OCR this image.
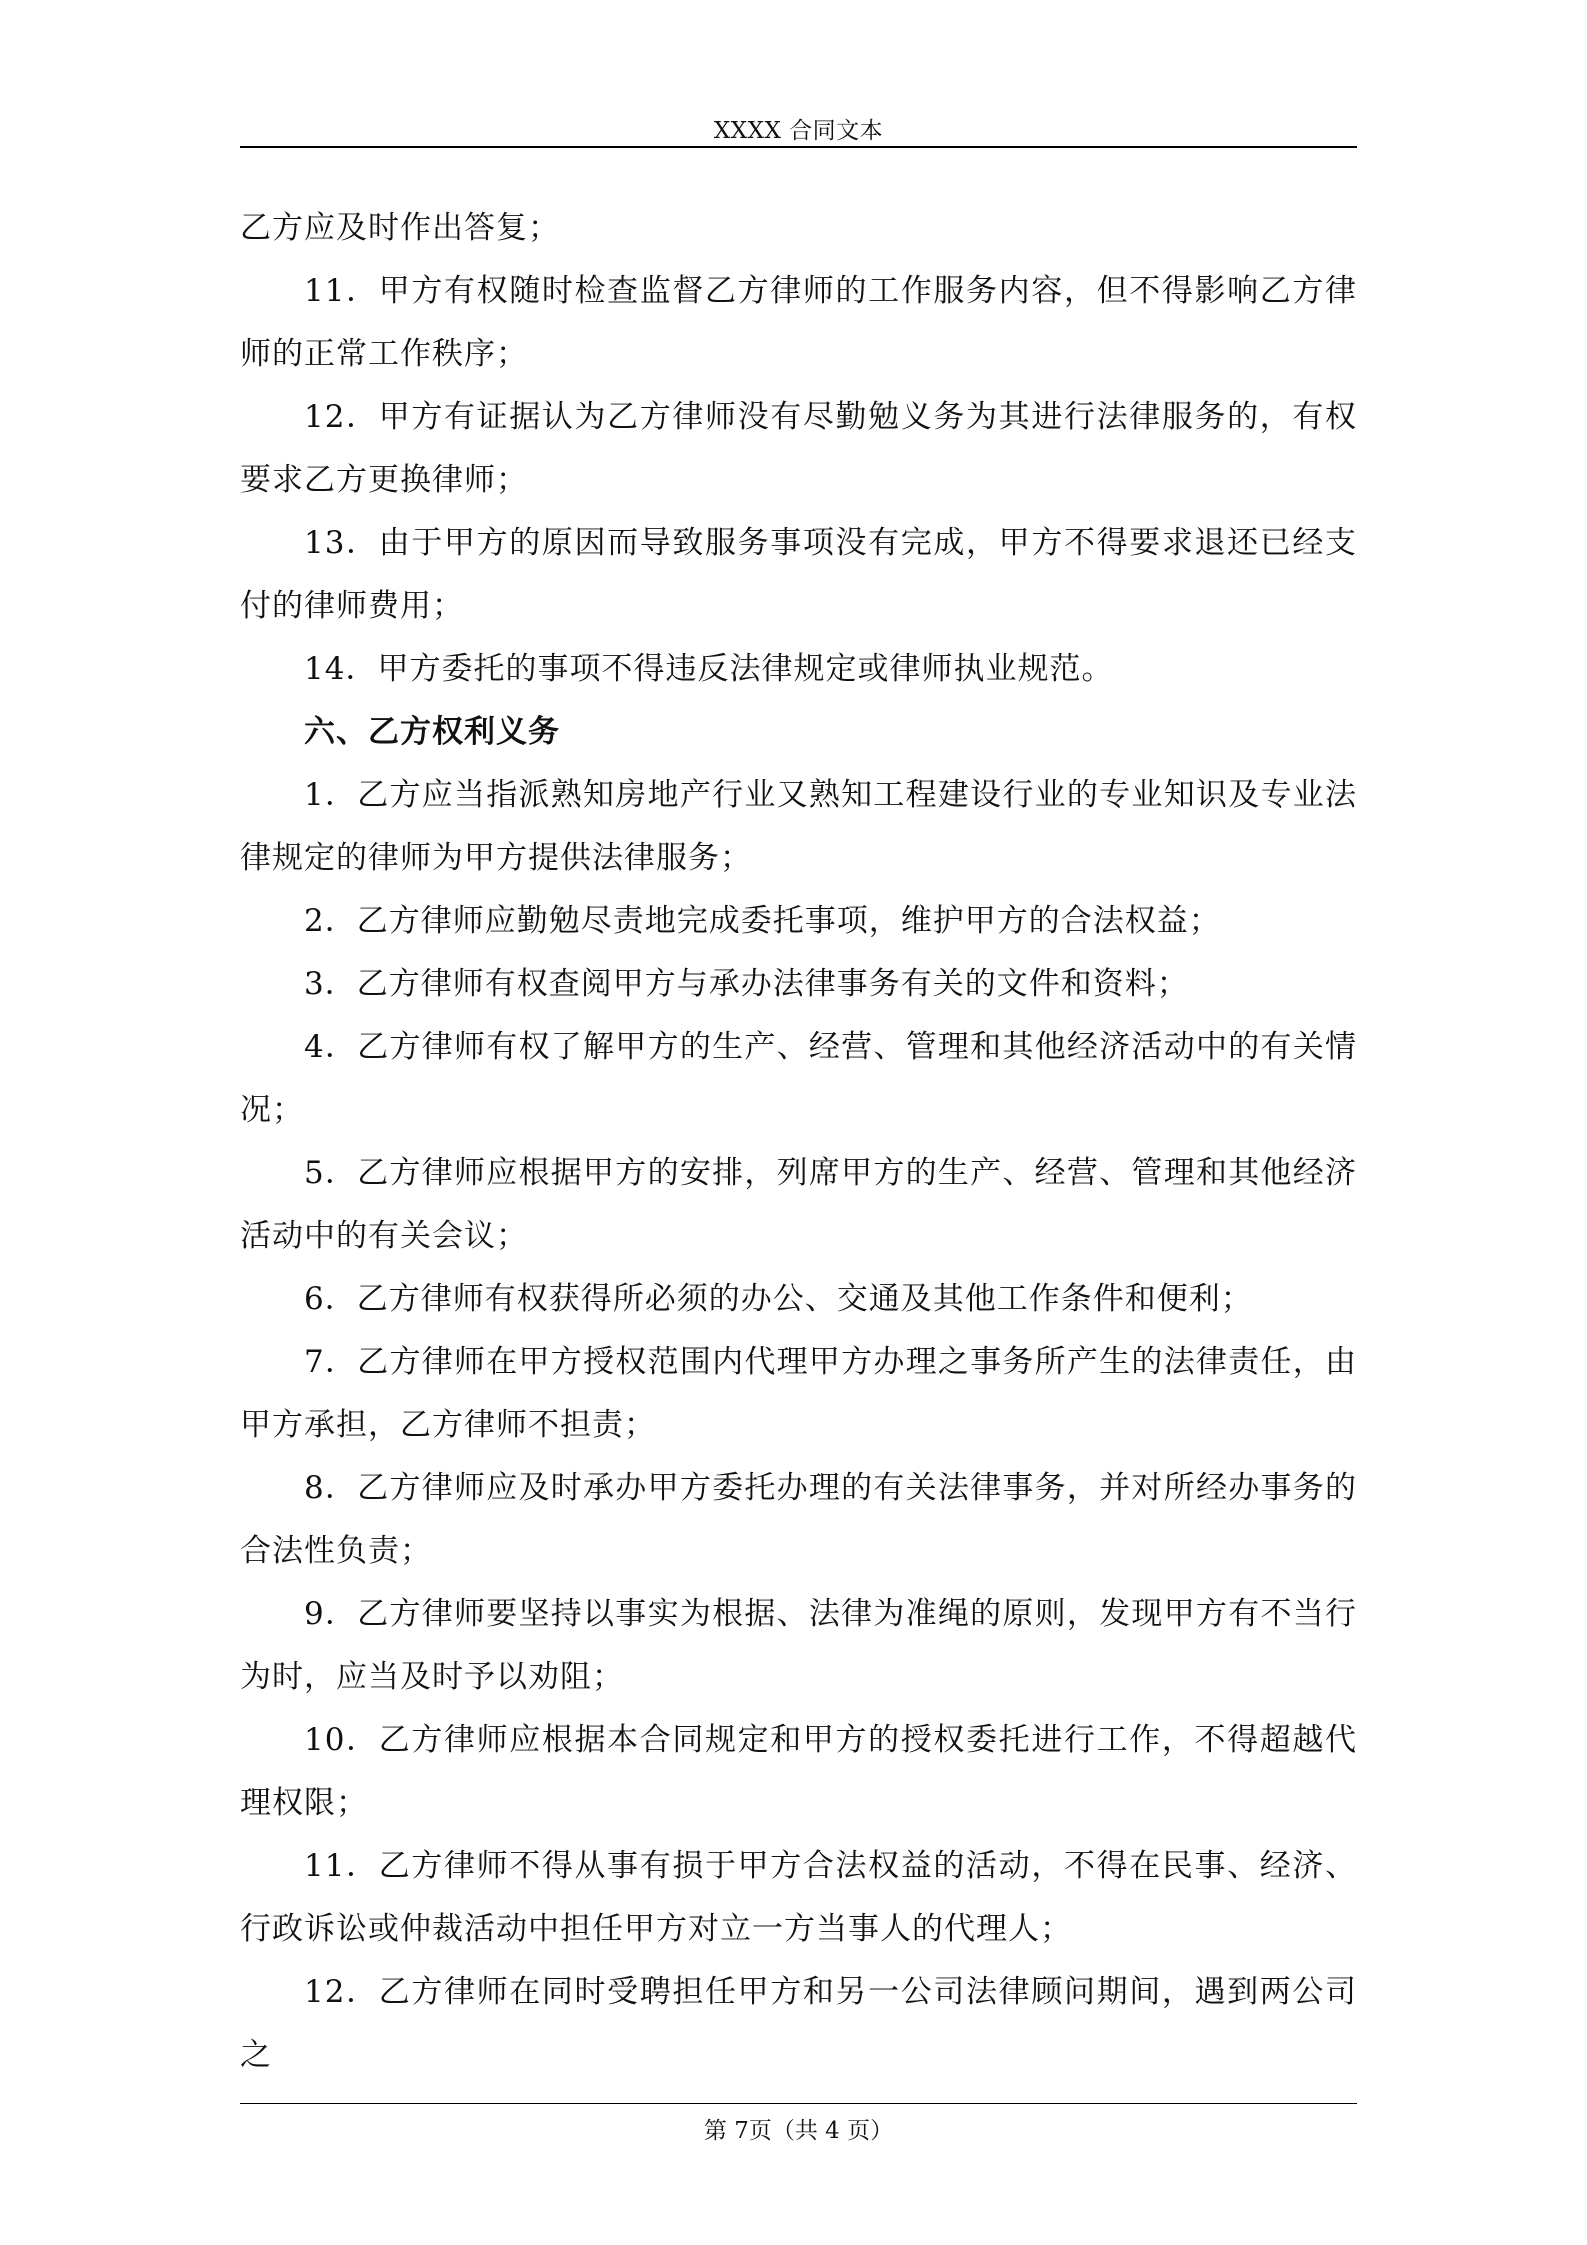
XXXX 合同文本

乙方应及时作出答复；

11．甲方有权随时检查监督乙方律师的工作服务内容，但不得影响乙方律师的正常工作秩序；

12．甲方有证据认为乙方律师没有尽勤勉义务为其进行法律服务的，有权要求乙方更换律师；

13．由于甲方的原因而导致服务事项没有完成，甲方不得要求退还已经支付的律师费用；

14．甲方委托的事项不得违反法律规定或律师执业规范。

六、乙方权利义务

1．乙方应当指派熟知房地产行业又熟知工程建设行业的专业知识及专业法律规定的律师为甲方提供法律服务；

2．乙方律师应勤勉尽责地完成委托事项，维护甲方的合法权益；

3．乙方律师有权查阅甲方与承办法律事务有关的文件和资料；

4．乙方律师有权了解甲方的生产、经营、管理和其他经济活动中的有关情况；

5．乙方律师应根据甲方的安排，列席甲方的生产、经营、管理和其他经济活动中的有关会议；

6．乙方律师有权获得所必须的办公、交通及其他工作条件和便利；

7．乙方律师在甲方授权范围内代理甲方办理之事务所产生的法律责任，由甲方承担，乙方律师不担责；

8．乙方律师应及时承办甲方委托办理的有关法律事务，并对所经办事务的合法性负责；

9．乙方律师要坚持以事实为根据、法律为准绳的原则，发现甲方有不当行为时，应当及时予以劝阻；

10．乙方律师应根据本合同规定和甲方的授权委托进行工作，不得超越代理权限；

11．乙方律师不得从事有损于甲方合法权益的活动，不得在民事、经济、行政诉讼或仲裁活动中担任甲方对立一方当事人的代理人；

12．乙方律师在同时受聘担任甲方和另一公司法律顾问期间，遇到两公司之

第 7页（共 4 页）
